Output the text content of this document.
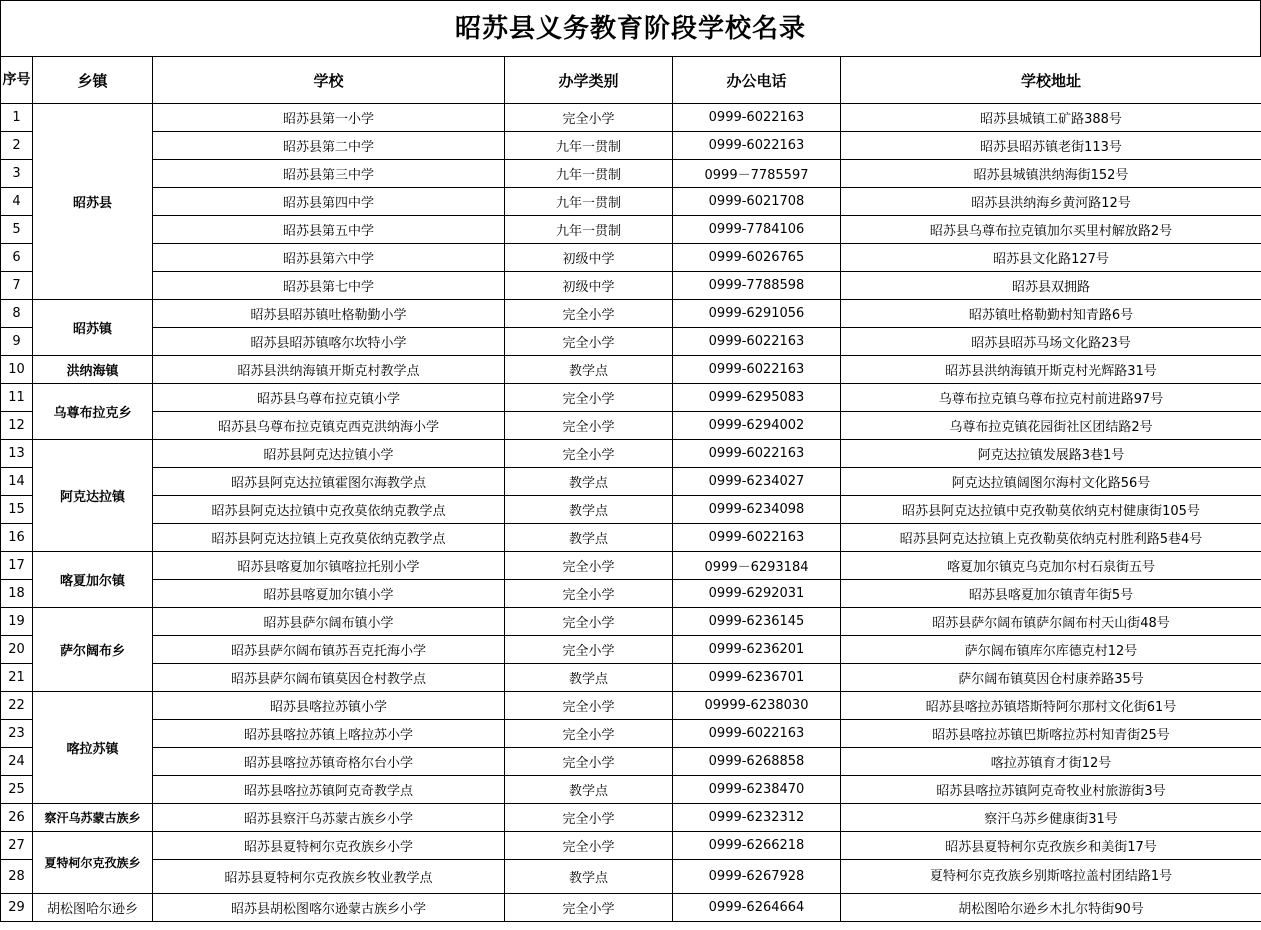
昭苏县义务教育阶段学校名录
序号	乡镇	学校	办学类别	办公电话	学校地址
1	昭苏县	昭苏县第一小学	完全小学	0999-6022163	昭苏县城镇工矿路388号
2		昭苏县第二中学	九年一贯制	0999-6022163	昭苏县昭苏镇老街113号
3		昭苏县第三中学	九年一贯制	0999－7785597	昭苏县城镇洪纳海街152号
4		昭苏县第四中学	九年一贯制	0999-6021708	昭苏县洪纳海乡黄河路12号
5		昭苏县第五中学	九年一贯制	0999-7784106	昭苏县乌尊布拉克镇加尔买里村解放路2号
6		昭苏县第六中学	初级中学	0999-6026765	昭苏县文化路127号
7		昭苏县第七中学	初级中学	0999-7788598	昭苏县双拥路
8	昭苏镇	昭苏县昭苏镇吐格勒勤小学	完全小学	0999-6291056	昭苏镇吐格勒勤村知青路6号
9		昭苏县昭苏镇喀尔坎特小学	完全小学	0999-6022163	昭苏县昭苏马场文化路23号
10	洪纳海镇	昭苏县洪纳海镇开斯克村教学点	教学点	0999-6022163	昭苏县洪纳海镇开斯克村光辉路31号
11	乌尊布拉克乡	昭苏县乌尊布拉克镇小学	完全小学	0999-6295083	乌尊布拉克镇乌尊布拉克村前进路97号
12		昭苏县乌尊布拉克镇克西克洪纳海小学	完全小学	0999-6294002	乌尊布拉克镇花园街社区团结路2号
13	阿克达拉镇	昭苏县阿克达拉镇小学	完全小学	0999-6022163	阿克达拉镇发展路3巷1号
14		昭苏县阿克达拉镇霍图尔海教学点	教学点	0999-6234027	阿克达拉镇阔图尔海村文化路56号
15		昭苏县阿克达拉镇中克孜莫依纳克教学点	教学点	0999-6234098	昭苏县阿克达拉镇中克孜勒莫依纳克村健康街105号
16		昭苏县阿克达拉镇上克孜莫依纳克教学点	教学点	0999-6022163	昭苏县阿克达拉镇上克孜勒莫依纳克村胜利路5巷4号
17	喀夏加尔镇	昭苏县喀夏加尔镇喀拉托别小学	完全小学	0999－6293184	喀夏加尔镇克乌克加尔村石泉街五号
18		昭苏县喀夏加尔镇小学	完全小学	0999-6292031	昭苏县喀夏加尔镇青年街5号
19	萨尔阔布乡	昭苏县萨尔阔布镇小学	完全小学	0999-6236145	昭苏县萨尔阔布镇萨尔阔布村天山街48号
20		昭苏县萨尔阔布镇苏吾克托海小学	完全小学	0999-6236201	萨尔阔布镇库尔库德克村12号
21		昭苏县萨尔阔布镇莫因仓村教学点	教学点	0999-6236701	萨尔阔布镇莫因仓村康养路35号
22	喀拉苏镇	昭苏县喀拉苏镇小学	完全小学	09999-6238030	昭苏县喀拉苏镇塔斯特阿尔那村文化街61号
23		昭苏县喀拉苏镇上喀拉苏小学	完全小学	0999-6022163	昭苏县喀拉苏镇巴斯喀拉苏村知青街25号
24		昭苏县喀拉苏镇奇格尔台小学	完全小学	0999-6268858	喀拉苏镇育才街12号
25		昭苏县喀拉苏镇阿克奇教学点	教学点	0999-6238470	昭苏县喀拉苏镇阿克奇牧业村旅游街3号
26	察汗乌苏蒙古族乡	昭苏县察汗乌苏蒙古族乡小学	完全小学	0999-6232312	察汗乌苏乡健康街31号
27	夏特柯尔克孜族乡	昭苏县夏特柯尔克孜族乡小学	完全小学	0999-6266218	昭苏县夏特柯尔克孜族乡和美街17号
28		昭苏县夏特柯尔克孜族乡牧业教学点	教学点	0999-6267928	夏特柯尔克孜族乡别斯喀拉盖村团结路1号
29	胡松图哈尔逊乡	昭苏县胡松图喀尔逊蒙古族乡小学	完全小学	0999-6264664	胡松图哈尔逊乡木扎尔特街90号
